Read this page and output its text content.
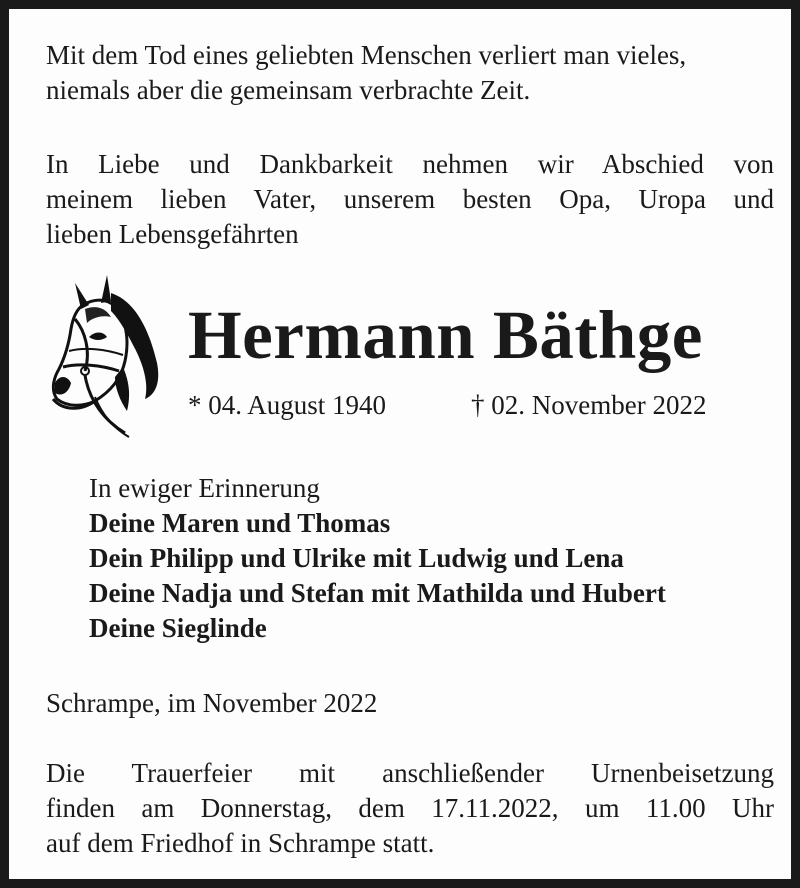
Mit dem Tod eines geliebten Menschen verliert man vieles,
niemals aber die gemeinsam verbrachte Zeit.
In Liebe und Dankbarkeit nehmen wir Abschied von
meinem lieben Vater, unserem besten Opa, Uropa und
lieben Lebensgefährten
Hermann Bäthge
* 04. August 1940	† 02. November 2022
In ewiger Erinnerung
Deine Maren und Thomas
Dein Philipp und Ulrike mit Ludwig und Lena
Deine Nadja und Stefan mit Mathilda und Hubert
Deine Sieglinde
Schrampe, im November 2022
Die Trauerfeier mit anschließender Urnenbeisetzung
finden am Donnerstag, dem 17.11.2022, um 11.00 Uhr
auf dem Friedhof in Schrampe statt.
